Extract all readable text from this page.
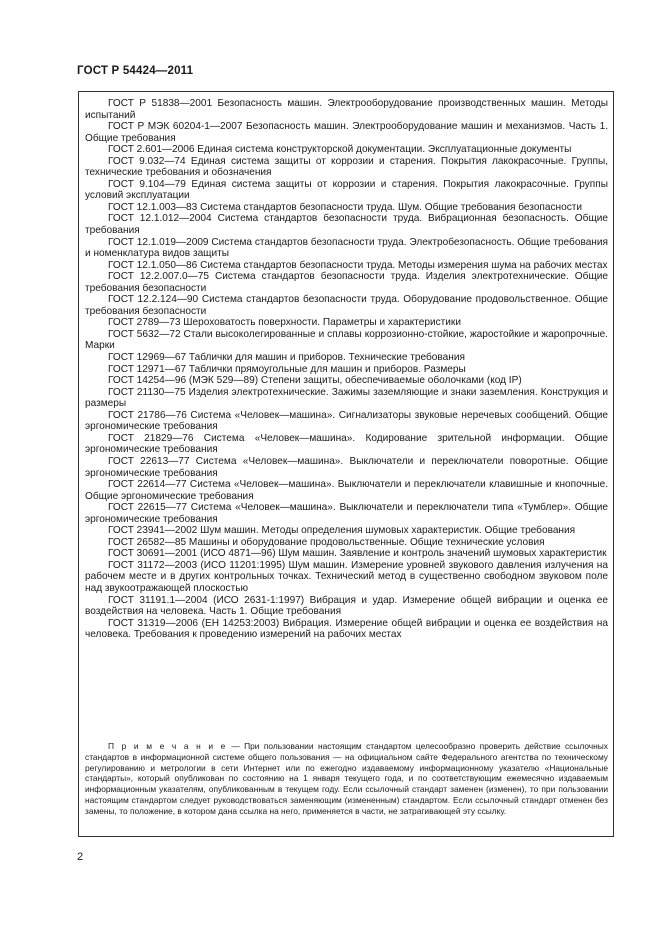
ГОСТ Р 54424—2011

ГОСТ Р 51838—2001 Безопасность машин. Электрооборудование производственных машин. Методы испытаний

ГОСТ Р МЭК 60204-1—2007 Безопасность машин. Электрооборудование машин и механизмов. Часть 1. Общие требования

ГОСТ 2.601—2006 Единая система конструкторской документации. Эксплуатационные документы

ГОСТ 9.032—74 Единая система защиты от коррозии и старения. Покрытия лакокрасочные. Группы, технические требования и обозначения

ГОСТ 9.104—79 Единая система защиты от коррозии и старения. Покрытия лакокрасочные. Группы условий эксплуатации

ГОСТ 12.1.003—83 Система стандартов безопасности труда. Шум. Общие требования безопасности

ГОСТ 12.1.012—2004 Система стандартов безопасности труда. Вибрационная безопасность. Общие требования

ГОСТ 12.1.019—2009 Система стандартов безопасности труда. Электробезопасность. Общие требования и номенклатура видов защиты

ГОСТ 12.1.050—86 Система стандартов безопасности труда. Методы измерения шума на рабочих местах

ГОСТ 12.2.007.0—75 Система стандартов безопасности труда. Изделия электротехнические. Общие требования безопасности

ГОСТ 12.2.124—90 Система стандартов безопасности труда. Оборудование продовольственное. Общие требования безопасности

ГОСТ 2789—73 Шероховатость поверхности. Параметры и характеристики

ГОСТ 5632—72 Стали высоколегированные и сплавы коррозионно-стойкие, жаростойкие и жаропрочные. Марки

ГОСТ 12969—67 Таблички для машин и приборов. Технические требования

ГОСТ 12971—67 Таблички прямоугольные для машин и приборов. Размеры

ГОСТ 14254—96 (МЭК 529—89) Степени защиты, обеспечиваемые оболочками (код IP)

ГОСТ 21130—75 Изделия электротехнические. Зажимы заземляющие и знаки заземления. Конструкция и размеры

ГОСТ 21786—76 Система «Человек—машина». Сигнализаторы звуковые неречевых сообщений. Общие эргономические требования

ГОСТ 21829—76 Система «Человек—машина». Кодирование зрительной информации. Общие эргономические требования

ГОСТ 22613—77 Система «Человек—машина». Выключатели и переключатели поворотные. Общие эргономические требования

ГОСТ 22614—77 Система «Человек—машина». Выключатели и переключатели клавишные и кнопочные. Общие эргономические требования

ГОСТ 22615—77 Система «Человек—машина». Выключатели и переключатели типа «Тумблер». Общие эргономические требования

ГОСТ 23941—2002 Шум машин. Методы определения шумовых характеристик. Общие требования

ГОСТ 26582—85 Машины и оборудование продовольственные. Общие технические условия

ГОСТ 30691—2001 (ИСО 4871—96) Шум машин. Заявление и контроль значений шумовых характеристик

ГОСТ 31172—2003 (ИСО 11201:1995) Шум машин. Измерение уровней звукового давления излучения на рабочем месте и в других контрольных точках. Технический метод в существенно свободном звуковом поле над звукоотражающей плоскостью

ГОСТ 31191.1—2004 (ИСО 2631-1:1997) Вибрация и удар. Измерение общей вибрации и оценка ее воздействия на человека. Часть 1. Общие требования

ГОСТ 31319—2006 (ЕН 14253:2003) Вибрация. Измерение общей вибрации и оценка ее воздействия на человека. Требования к проведению измерений на рабочих местах

П р и м е ч а н и е — При пользовании настоящим стандартом целесообразно проверить действие ссылочных стандартов в информационной системе общего пользования — на официальном сайте Федерального агентства по техническому регулированию и метрологии в сети Интернет или по ежегодно издаваемому информационному указателю «Национальные стандарты», который опубликован по состоянию на 1 января текущего года, и по соответствующим ежемесячно издаваемым информационным указателям, опубликованным в текущем году. Если ссылочный стандарт заменен (изменен), то при пользовании настоящим стандартом следует руководствоваться заменяющим (измененным) стандартом. Если ссылочный стандарт отменен без замены, то положение, в котором дана ссылка на него, применяется в части, не затрагивающей эту ссылку.

2
